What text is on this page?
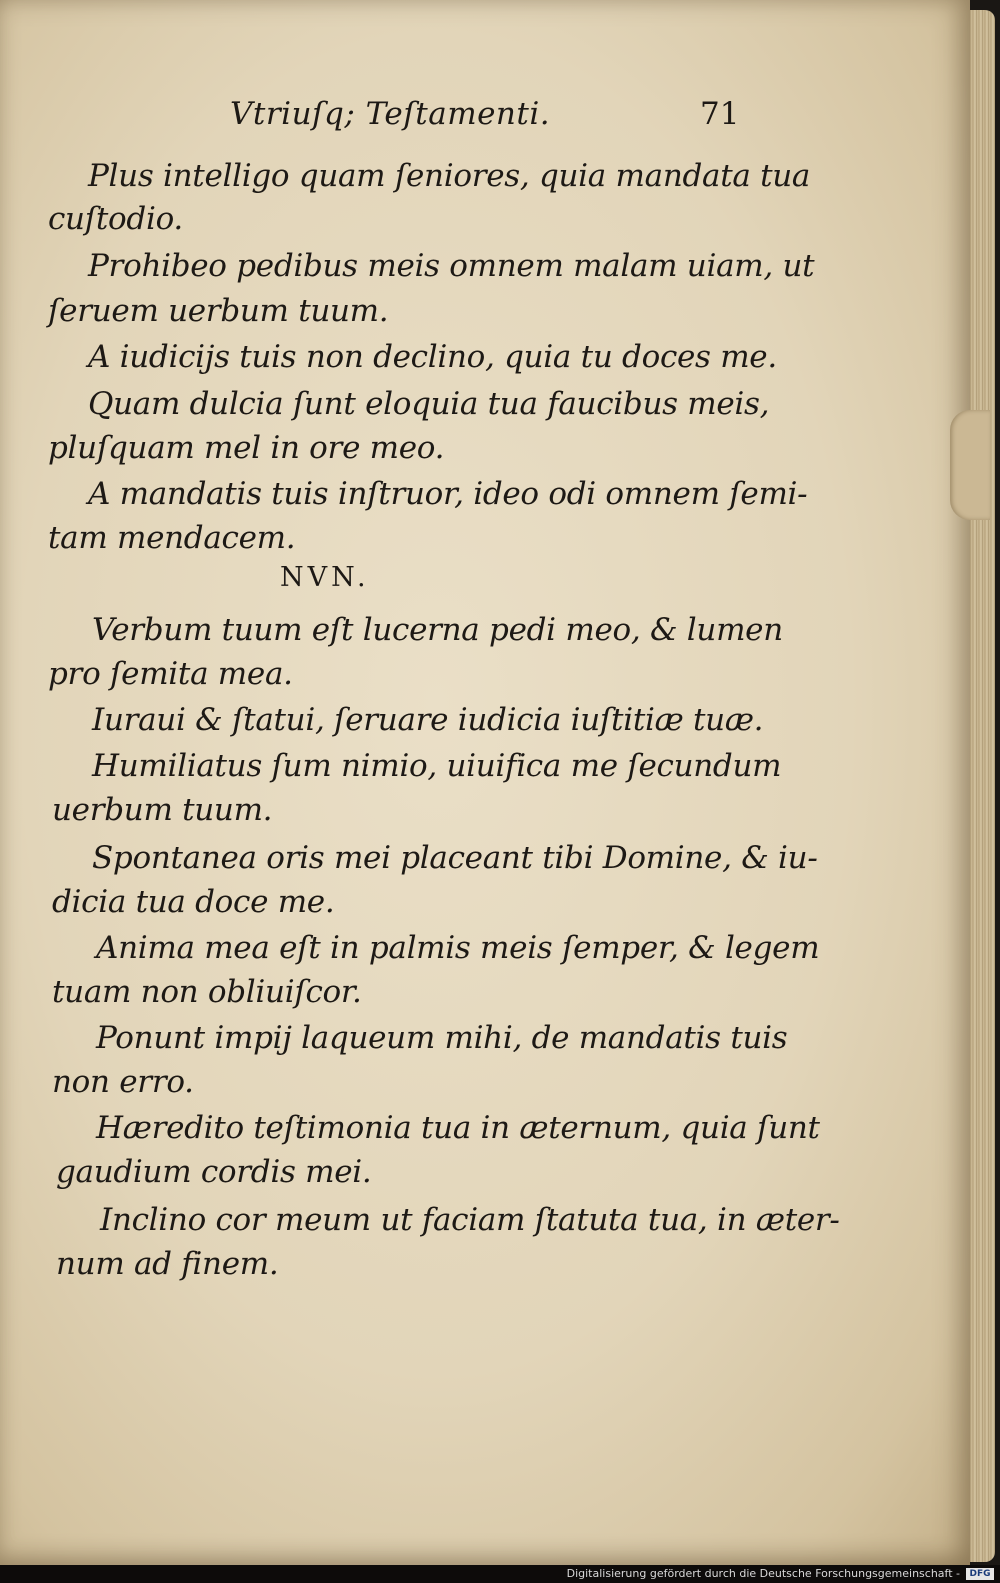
Vtriuſq; Teſtamenti.	71
Plus intelligo quam ſeniores, quia mandata tua
cuſtodio.
Prohibeo pedibus meis omnem malam uiam, ut
ſeruem uerbum tuum.
A iudicijs tuis non declino, quia tu doces me.
Quam dulcia ſunt eloquia tua faucibus meis,
pluſquam mel in ore meo.
A mandatis tuis inſtruor, ideo odi omnem ſemi-
tam mendacem.
NVN.
Verbum tuum eſt lucerna pedi meo, & lumen
pro ſemita mea.
Iuraui & ſtatui, ſeruare iudicia iuſtitiæ tuæ.
Humiliatus ſum nimio, uiuifica me ſecundum
uerbum tuum.
Spontanea oris mei placeant tibi Domine, & iu-
dicia tua doce me.
Anima mea eſt in palmis meis ſemper, & legem
tuam non obliuiſcor.
Ponunt impij laqueum mihi, de mandatis tuis
non erro.
Hæredito teſtimonia tua in æternum, quia ſunt
gaudium cordis mei.
Inclino cor meum ut faciam ſtatuta tua, in æter-
num ad finem.
Digitalisierung gefördert durch die Deutsche Forschungsgemeinschaft -	DFG
